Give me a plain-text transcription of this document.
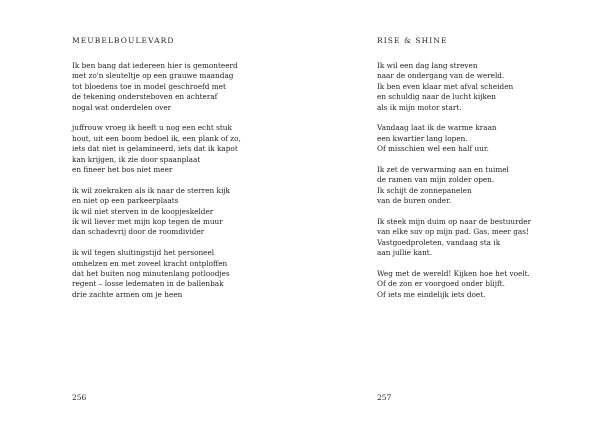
MEUBELBOULEVARD
Ik ben bang dat iedereen hier is gemonteerd
met zo'n sleuteltje op een grauwe maandag
tot bloedens toe in model geschroefd met
de tekening ondersteboven en achteraf
nogal wat onderdelen over
juffrouw vroeg ik heeft u nog een echt stuk
hout, uit een boom bedoel ik, een plank of zo,
iets dat niet is gelamineerd, iets dat ik kapot
kan krijgen, ik zie door spaanplaat
en fineer het bos niet meer
ik wil zoekraken als ik naar de sterren kijk
en niet op een parkeerplaats
ik wil niet sterven in de koopjeskelder
ik wil liever met mijn kop tegen de muur
dan schadevrij door de roomdivider
ik wil tegen sluitingstijd het personeel
omhelzen en met zoveel kracht ontploffen
dat het buiten nog minutenlang potloodjes
regent – losse ledematen in de ballenbak
drie zachte armen om je heen
256
RISE & SHINE
Ik wil een dag lang streven
naar de ondergang van de wereld.
Ik ben even klaar met afval scheiden
en schuldig naar de lucht kijken
als ik mijn motor start.
Vandaag laat ik de warme kraan
een kwartier lang lopen.
Of misschien wel een half uur.
Ik zet de verwarming aan en tuimel
de ramen van mijn zolder open.
Ik schijt de zonnepanelen
van de buren onder.
Ik steek mijn duim op naar de bestuurder
van elke suv op mijn pad. Gas, meer gas!
Vastgoedproleten, vandaag sta ik
aan jullie kant.
Weg met de wereld! Kijken hoe het voelt.
Of de zon er voorgoed onder blijft.
Of iets me eindelijk iets doet.
257
